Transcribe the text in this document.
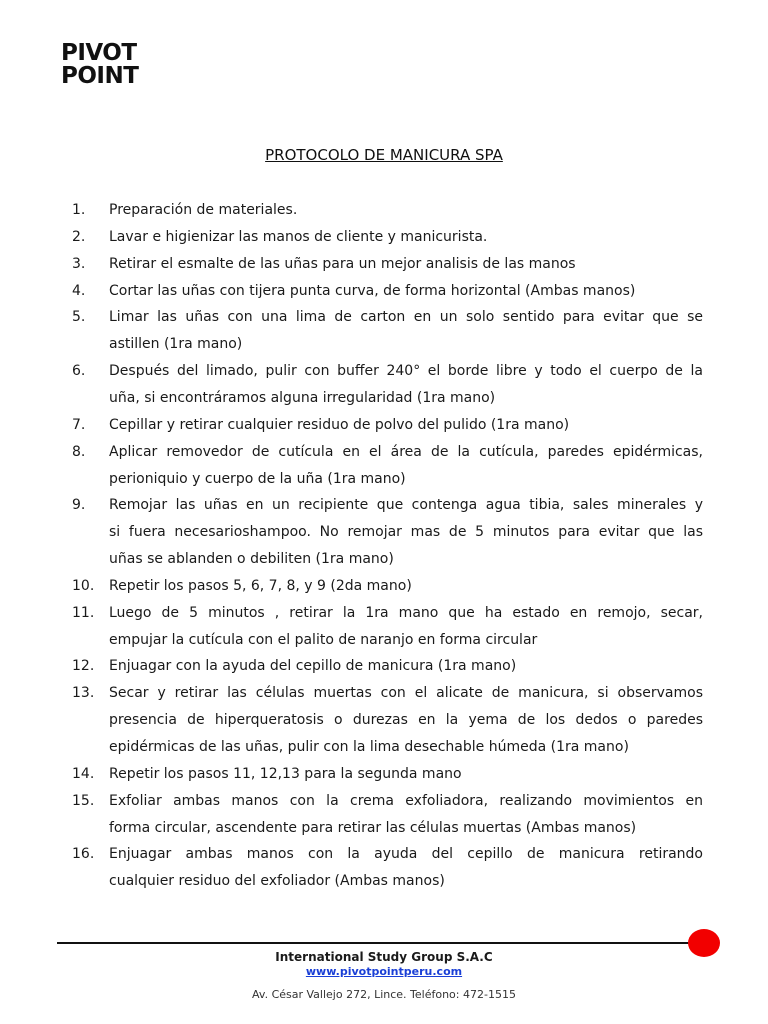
PIVOT
POINT
PROTOCOLO DE MANICURA SPA
1. Preparación de materiales.
2. Lavar e higienizar las manos de cliente y manicurista.
3. Retirar el esmalte de las uñas para un mejor analisis de las manos
4. Cortar las uñas con tijera punta curva, de forma horizontal (Ambas manos)
5. Limar las uñas con una lima de carton en un solo sentido para evitar que se
astillen (1ra mano)
6. Después del limado, pulir con buffer 240° el borde libre y todo el cuerpo de la
uña, si encontráramos alguna irregularidad (1ra mano)
7. Cepillar y retirar cualquier residuo de polvo del pulido (1ra mano)
8. Aplicar removedor de cutícula en el área de la cutícula, paredes epidérmicas,
perioniquio y cuerpo de la uña (1ra mano)
9. Remojar las uñas en un recipiente que contenga agua tibia, sales minerales y
si fuera necesarioshampoo. No remojar mas de 5 minutos para evitar que las
uñas se ablanden o debiliten (1ra mano)
10. Repetir los pasos 5, 6, 7, 8, y 9 (2da mano)
11. Luego de 5 minutos , retirar la 1ra mano que ha estado en remojo, secar,
empujar la cutícula con el palito de naranjo en forma circular
12. Enjuagar con la ayuda del cepillo de manicura (1ra mano)
13. Secar y retirar las células muertas con el alicate de manicura, si observamos
presencia de hiperqueratosis o durezas en la yema de los dedos o paredes
epidérmicas de las uñas, pulir con la lima desechable húmeda (1ra mano)
14. Repetir los pasos 11, 12,13 para la segunda mano
15. Exfoliar ambas manos con la crema exfoliadora, realizando movimientos en
forma circular, ascendente para retirar las células muertas (Ambas manos)
16. Enjuagar ambas manos con la ayuda del cepillo de manicura retirando
cualquier residuo del exfoliador (Ambas manos)
International Study Group S.A.C
www.pivotpointperu.com
Av. César Vallejo 272, Lince. Teléfono: 472-1515
